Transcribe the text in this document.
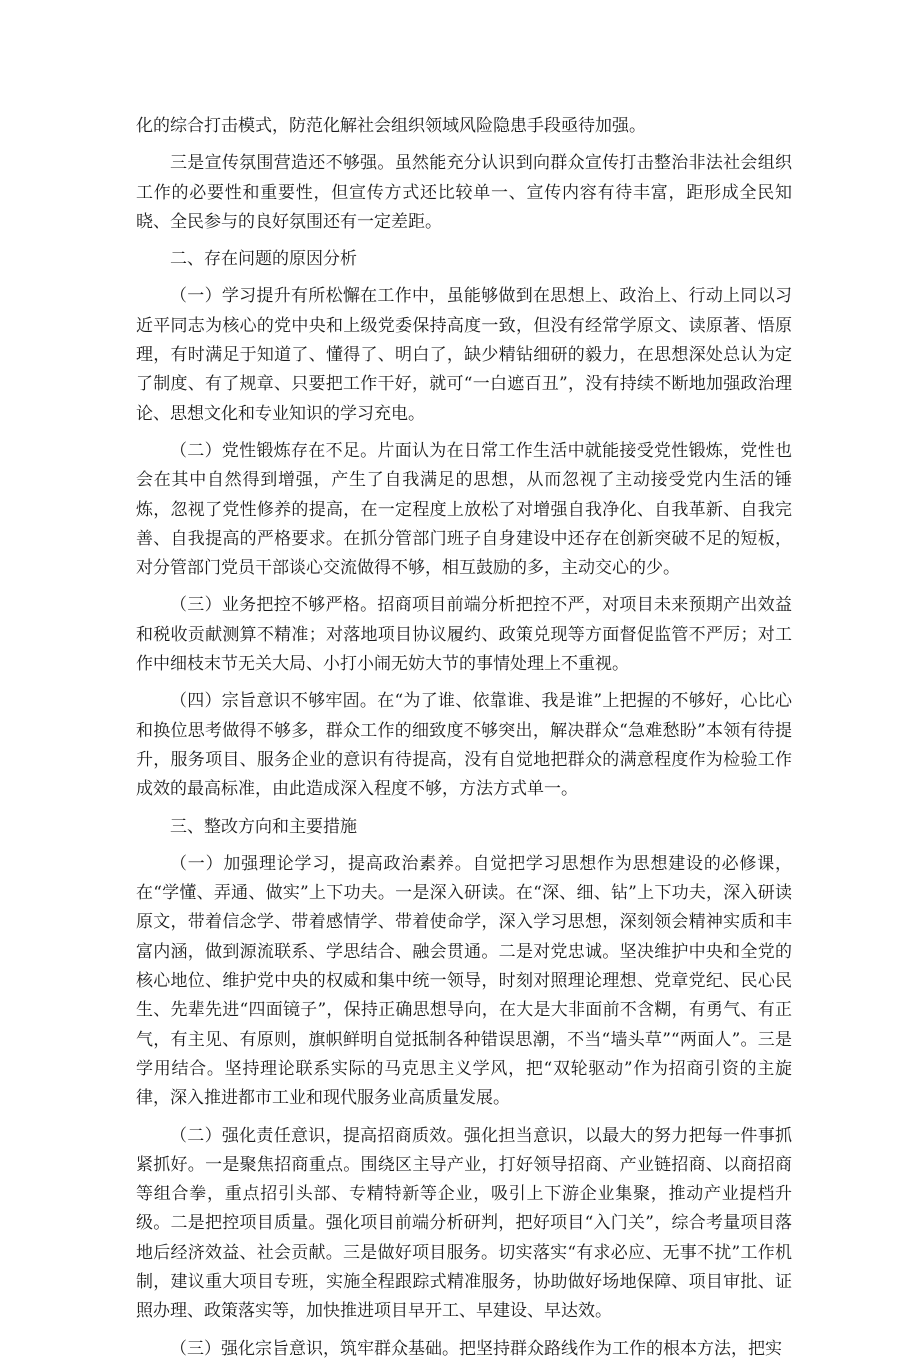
化的综合打击模式，防范化解社会组织领域风险隐患手段亟待加强。

三是宣传氛围营造还不够强。虽然能充分认识到向群众宣传打击整治非法社会组织工作的必要性和重要性，但宣传方式还比较单一、宣传内容有待丰富，距形成全民知晓、全民参与的良好氛围还有一定差距。

二、存在问题的原因分析

（一）学习提升有所松懈在工作中，虽能够做到在思想上、政治上、行动上同以习近平同志为核心的党中央和上级党委保持高度一致，但没有经常学原文、读原著、悟原理，有时满足于知道了、懂得了、明白了，缺少精钻细研的毅力，在思想深处总认为定了制度、有了规章、只要把工作干好，就可“一白遮百丑”，没有持续不断地加强政治理论、思想文化和专业知识的学习充电。

（二）党性锻炼存在不足。片面认为在日常工作生活中就能接受党性锻炼，党性也会在其中自然得到增强，产生了自我满足的思想，从而忽视了主动接受党内生活的锤炼，忽视了党性修养的提高，在一定程度上放松了对增强自我净化、自我革新、自我完善、自我提高的严格要求。在抓分管部门班子自身建设中还存在创新突破不足的短板，对分管部门党员干部谈心交流做得不够，相互鼓励的多，主动交心的少。

（三）业务把控不够严格。招商项目前端分析把控不严，对项目未来预期产出效益和税收贡献测算不精准；对落地项目协议履约、政策兑现等方面督促监管不严厉；对工作中细枝末节无关大局、小打小闹无妨大节的事情处理上不重视。

（四）宗旨意识不够牢固。在“为了谁、依靠谁、我是谁”上把握的不够好，心比心和换位思考做得不够多，群众工作的细致度不够突出，解决群众“急难愁盼”本领有待提升，服务项目、服务企业的意识有待提高，没有自觉地把群众的满意程度作为检验工作成效的最高标准，由此造成深入程度不够，方法方式单一。

三、整改方向和主要措施

（一）加强理论学习，提高政治素养。自觉把学习思想作为思想建设的必修课，在“学懂、弄通、做实”上下功夫。一是深入研读。在“深、细、钻”上下功夫，深入研读原文，带着信念学、带着感情学、带着使命学，深入学习思想，深刻领会精神实质和丰富内涵，做到源流联系、学思结合、融会贯通。二是对党忠诚。坚决维护中央和全党的核心地位、维护党中央的权威和集中统一领导，时刻对照理论理想、党章党纪、民心民生、先辈先进“四面镜子”，保持正确思想导向，在大是大非面前不含糊，有勇气、有正气，有主见、有原则，旗帜鲜明自觉抵制各种错误思潮，不当“墙头草”“两面人”。三是学用结合。坚持理论联系实际的马克思主义学风，把“双轮驱动”作为招商引资的主旋律，深入推进都市工业和现代服务业高质量发展。

（二）强化责任意识，提高招商质效。强化担当意识，以最大的努力把每一件事抓紧抓好。一是聚焦招商重点。围绕区主导产业，打好领导招商、产业链招商、以商招商等组合拳，重点招引头部、专精特新等企业，吸引上下游企业集聚，推动产业提档升级。二是把控项目质量。强化项目前端分析研判，把好项目“入门关”，综合考量项目落地后经济效益、社会贡献。三是做好项目服务。切实落实“有求必应、无事不扰”工作机制，建议重大项目专班，实施全程跟踪式精准服务，协助做好场地保障、项目审批、证照办理、政策落实等，加快推进项目早开工、早建设、早达效。

（三）强化宗旨意识，筑牢群众基础。把坚持群众路线作为工作的根本方法，把实
